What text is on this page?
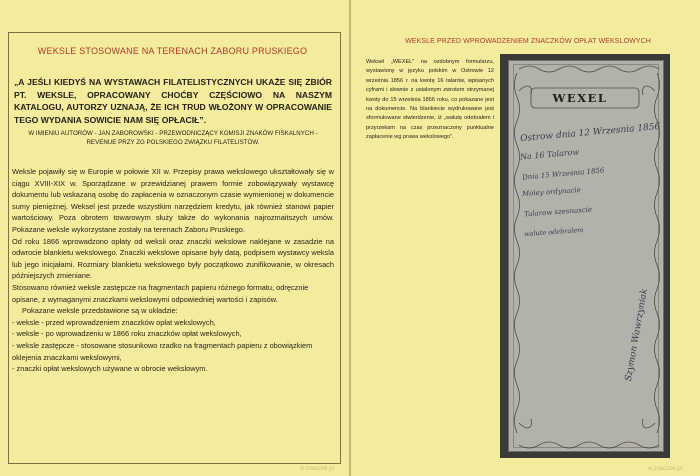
WEKSLE STOSOWANE NA TERENACH ZABORU PRUSKIEGO
„A JEŚLI KIEDYŚ NA WYSTAWACH FILATELISTYCZNYCH UKAŻE SIĘ ZBIÓR PT. WEKSLE, OPRACOWANY CHOĆBY CZĘŚCIOWO NA NASZYM KATALOGU, AUTORZY UZNAJĄ, ŻE ICH TRUD WŁOŻONY W OPRACOWANIE TEGO WYDANIA SOWICIE NAM SIĘ OPŁACIŁ”.
W IMIENIU AUTORÓW - JAN ZABOROWSKI - PRZEWODNICZĄCY KOMISJI ZNAKÓW FISKALNYCH - REVENUE PRZY ZG POLSKIEGO ZWIĄZKU FILATELISTÓW.

Weksle pojawiły się w Europie w połowie XII w. Przepisy prawa wekslowego ukształtowały się w ciągu XVIII-XIX w. Sporządzane w przewidzianej prawem formie zobowiązywały wystawcę dokumentu lub wskazaną osobę do zapłacenia w oznaczonym czasie wymienionej w dokumencie sumy pieniężnej. Weksel jest przede wszystkim narzędziem kredytu, jak również stanowi papier wartościowy. Poza obrotem towarowym służy także do wykonania najrozmaitszych umów. Pokazane weksle wykorzystane zostały na terenach Zaboru Pruskiego.

Od roku 1866 wprowadzono opłaty od weksli oraz znaczki wekslowe naklejane w zasadzie na odwrocie blankietu wekslowego. Znaczki wekslowe opisane były datą, podpisem wystawcy weksla lub jego inicjałami. Rozmiary blankietu wekslowego były początkowo zunifikowanie, w okresach późniejszych zmieniane.

Stosowano również weksle zastępcze na fragmentach papieru różnego formatu, odręcznie opisane, z wymaganymi znaczkami wekslowymi odpowiedniej wartości i zapisów.

Pokazane weksle przedstawione są w układzie:

- weksle - przed wprowadzeniem znaczków opłat wekslowych,

- weksle - po wprowadzeniu w 1866 roku znaczków opłat wekslowych,

- weksle zastępcze - stosowane stosunkowo rzadko na fragmentach papieru z obowiązkiem oklejenia znaczkami wekslowymi,

- znaczki opłat wekslowych używane w obrocie wekslowym.

WEKSLE PRZED WPROWADZENIEM ZNACZKÓW OPŁAT WEKSLOWYCH
Weksel „WEXEL” na ozdobnym formularzu, wystawiony w języku polskim w Ostrowie 12 września 1856 r. na kwotę 16 talarów, wpisanych cyframi i słownie z ustalonym zwrotem otrzymanej kwoty do 15 września 1856 roku, co pokazane jest na dokumencie. Na blankiecie wydrukowane jest sformułowane stwierdzenie, iż „walutę odebrałem i przyrzekam na czas przeznaczony punktualne zapłacenie wg prawa wekslowego”.
WEXEL
Ostrow dnia 12 Wrzesnia 1856
Na 16 Talarow
Dnia 15 Wrzesnia 1856
Moiey ordynacie
Talarow szesnascie
walute odebralem
Szymon Wawrzyniak
w.znaczek.pl	w.znaczek.pl
